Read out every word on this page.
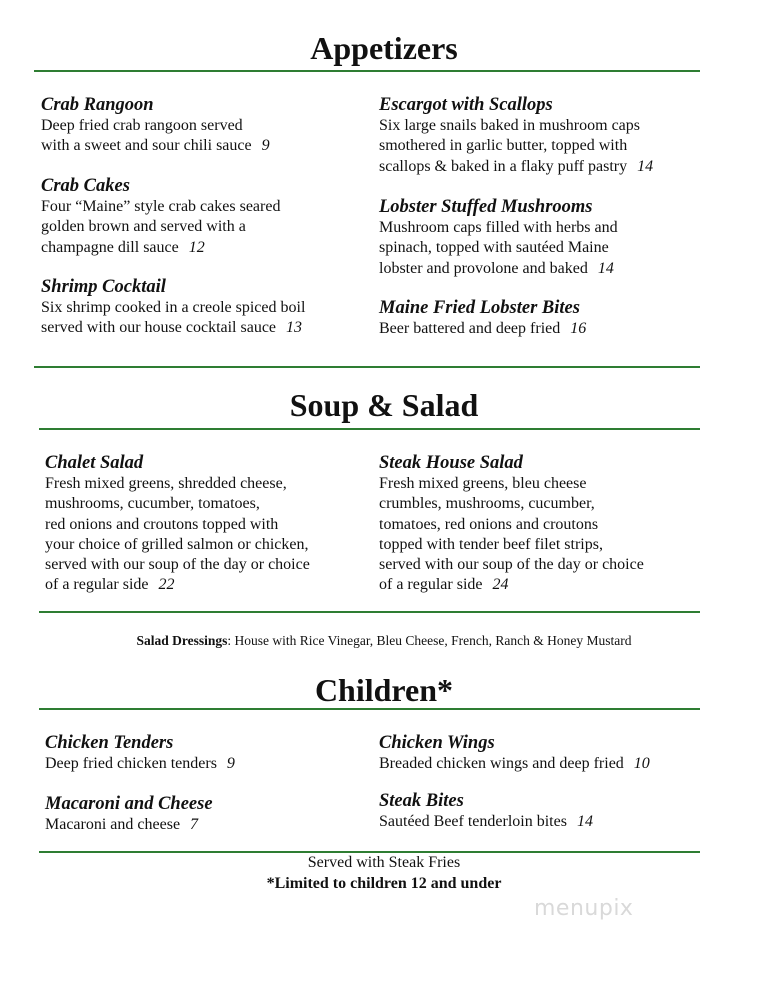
Appetizers
Crab Rangoon
Deep fried crab rangoon served
with a sweet and sour chili sauce 9
Crab Cakes
Four “Maine” style crab cakes seared
golden brown and served with a
champagne dill sauce 12
Shrimp Cocktail
Six shrimp cooked in a creole spiced boil
served with our house cocktail sauce 13
Escargot with Scallops
Six large snails baked in mushroom caps
smothered in garlic butter, topped with
scallops & baked in a flaky puff pastry 14
Lobster Stuffed Mushrooms
Mushroom caps filled with herbs and
spinach, topped with sautéed Maine
lobster and provolone and baked 14
Maine Fried Lobster Bites
Beer battered and deep fried 16
Soup & Salad
Chalet Salad
Fresh mixed greens, shredded cheese,
mushrooms, cucumber, tomatoes,
red onions and croutons topped with
your choice of grilled salmon or chicken,
served with our soup of the day or choice
of a regular side 22
Steak House Salad
Fresh mixed greens, bleu cheese
crumbles, mushrooms, cucumber,
tomatoes, red onions and croutons
topped with tender beef filet strips,
served with our soup of the day or choice
of a regular side 24
Salad Dressings: House with Rice Vinegar, Bleu Cheese, French, Ranch & Honey Mustard
Children*
Chicken Tenders
Deep fried chicken tenders 9
Macaroni and Cheese
Macaroni and cheese 7
Chicken Wings
Breaded chicken wings and deep fried 10
Steak Bites
Sautéed Beef tenderloin bites 14
Served with Steak Fries
*Limited to children 12 and under
menupix
